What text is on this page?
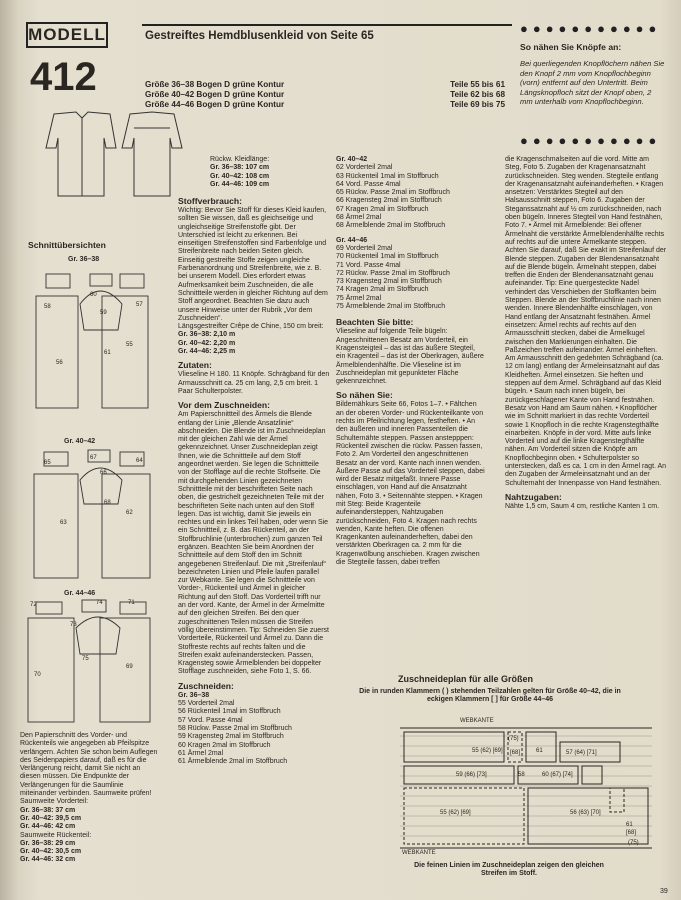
MODELL
412
Gestreiftes Hemdblusenkleid von Seite 65
Größe 36–38 Bogen D grüne Kontur	Teile 55 bis 61
Größe 40–42 Bogen D grüne Kontur	Teile 62 bis 68
Größe 44–46 Bogen D grüne Kontur	Teile 69 bis 75
Schnittübersichten
Gr. 36–38
58
60
57
59
61
56
55
Gr. 40–42
65
67	64
66
68
63
62
Gr. 44–46
72	74	71
73
75
70
69
Den Papierschnitt des Vorder- und Rückenteils wie angegeben ab Pfeilspitze verlängern. Achten Sie schon beim Auflegen des Seidenpapiers darauf, daß es für die Verlängerung reicht, damit Sie nicht an diesen müssen. Die Endpunkte der Verlängerungen für die Saumlinie miteinander verbinden. Saumweite prüfen!
Saumweite Vorderteil:
Gr. 36–38: 37 cm
Gr. 40–42: 39,5 cm
Gr. 44–46: 42 cm
Saumweite Rückenteil:
Gr. 36–38: 29 cm
Gr. 40–42: 30,5 cm
Gr. 44–46: 32 cm
Rückw. Kleidlänge:
Gr. 36–38: 107 cm
Gr. 40–42: 108 cm
Gr. 44–46: 109 cm
Stoffverbrauch:
Wichtig: Bevor Sie Stoff für dieses Kleid kaufen, sollten Sie wissen, daß es gleichseitige und ungleichseitige Streifenstoffe gibt. Der Unterschied ist leicht zu erkennen. Bei einseitigen Streifenstoffen sind Farbenfolge und Streifenbreite nach beiden Seiten gleich. Einseitig gestreifte Stoffe zeigen ungleiche Farbenanordnung und Streifenbreite, wie z. B. bei unserem Modell. Dies erfordert etwas Aufmerksamkeit beim Zuschneiden, die alle Schnittteile werden in gleicher Richtung auf dem Stoff angeordnet. Beachten Sie dazu auch unsere Hinweise unter der Rubrik „Vor dem Zuschneiden“.
Längsgestreifter Crêpe de Chine, 150 cm breit:
Gr. 36–38: 2,10 m
Gr. 40–42: 2,20 m
Gr. 44–46: 2,25 m
Zutaten:
Vlieseline H 180. 11 Knöpfe. Schrägband für den Armausschnitt ca. 25 cm lang, 2,5 cm breit. 1 Paar Schulterpolster.
Vor dem Zuschneiden:
Am Papierschnittteil des Ärmels die Blende entlang der Linie „Blende Ansatzlinie“ abschneiden. Die Blende ist im Zuschneideplan mit der gleichen Zahl wie der Ärmel gekennzeichnet. Unser Zuschneideplan zeigt Ihnen, wie die Schnittteile auf dem Stoff angeordnet werden. Sie legen die Schnittteile von der Stofflage auf die rechte Stoffseite. Die mit durchgehenden Linien gezeichneten Schnittteile mit der beschrifteten Seite nach oben, die gestrichelt gezeichneten Teile mit der beschrifteten Seite nach unten auf den Stoff legen. Das ist wichtig, damit Sie jeweils ein rechtes und ein linkes Teil haben, oder wenn Sie ein Schnittteil, z. B. das Rückenteil, an der Stoffbruchlinie (unterbrochen) zum ganzen Teil ergänzen. Beachten Sie beim Anordnen der Schnittteile auf dem Stoff den im Schnitt angegebenen Streifenlauf. Die mit „Streifenlauf“ bezeichneten Linien und Pfeile laufen parallel zur Webkante. Sie legen die Schnittteile von Vorder-, Rückenteil und Ärmel in gleicher Richtung auf den Stoff. Das Vorderteil trifft nur an der vord. Kante, der Ärmel in der Ärmelmitte auf den gleichen Streifen. Bei den quer zugeschnittenen Teilen müssen die Streifen völlig übereinstimmen. Tip: Schneiden Sie zuerst Vorderteile, Rückenteil und Ärmel zu. Dann die Stoffreste rechts auf rechts falten und die Streifen exakt aufeinanderstecken. Passen, Kragensteg sowie Ärmelblenden bei doppelter Stofflage zuschneiden, siehe Foto 1, S. 66.
Zuschneiden:
Gr. 36–38
55 Vorderteil 2mal
56 Rückenteil 1mal im Stoffbruch
57 Vord. Passe 4mal
58 Rückw. Passe 2mal im Stoffbruch
59 Kragensteg 2mal im Stoffbruch
60 Kragen 2mal im Stoffbruch
61 Ärmel 2mal
61 Ärmelblende 2mal im Stoffbruch
Gr. 40–42
62 Vorderteil 2mal
63 Rückenteil 1mal im Stoffbruch
64 Vord. Passe 4mal
65 Rückw. Passe 2mal im Stoffbruch
66 Kragensteg 2mal im Stoffbruch
67 Kragen 2mal im Stoffbruch
68 Ärmel 2mal
68 Ärmelblende 2mal im Stoffbruch
Gr. 44–46
69 Vorderteil 2mal
70 Rückenteil 1mal im Stoffbruch
71 Vord. Passe 4mal
72 Rückw. Passe 2mal im Stoffbruch
73 Kragensteg 2mal im Stoffbruch
74 Kragen 2mal im Stoffbruch
75 Ärmel 2mal
75 Ärmelblende 2mal im Stoffbruch
Beachten Sie bitte:
Vlieseline auf folgende Teile bügeln: Angeschnittenen Besatz am Vorderteil, ein Kragensteigteil – das ist das äußere Stegteil, ein Kragenteil – das ist der Oberkragen, äußere Ärmelblendenhälfte. Die Vlieseline ist im Zuschneideplan mit gepunkteter Fläche gekennzeichnet.
So nähen Sie:
Bildernähkurs Seite 66, Fotos 1–7. • Fältchen an der oberen Vorder- und Rückenteilkante von rechts im Pfeilrichtung legen, festheften. • An den äußeren und inneren Passenteilen die Schulternähte steppen. Passen anstepppen: Rückenteil zwischen die rückw. Passen fassen, Foto 2. Am Vorderteil den angeschnittenen Besatz an der vord. Kante nach innen wenden. Äußere Passe auf das Vorderteil steppen, dabei wird der Besatz mitgefaßt. Innere Passe einschlagen, von Hand auf die Ansatznaht nähen, Foto 3. • Seitennähte steppen. • Kragen mit Steg: Beide Kragenteile aufeinandersteppen, Nahtzugaben zurückschneiden, Foto 4. Kragen nach rechts wenden, Kante heften. Die offenen Kragenkanten aufeinanderheften, dabei den verstärkten Oberkragen ca. 2 mm für die Kragenwölbung anschieben. Kragen zwischen die Stegteile fassen, dabei treffen
●●●●●●●●●●●
So nähen Sie Knöpfe an:
Bei querliegenden Knopflöchern nähen Sie den Knopf 2 mm vom Knopflochbeginn (vorn) entfernt auf den Untertritt. Beim Längsknopfloch sitzt der Knopf oben, 2 mm unterhalb vom Knopflochbeginn.
●●●●●●●●●●●
die Kragenschmalseiten auf die vord. Mitte am Steg, Foto 5. Zugaben der Kragenansatznaht zurückschneiden. Steg wenden. Stegteile entlang der Kragenansatznaht aufeinanderheften. • Kragen ansetzen: Verstärktes Stegteil auf den Halsausschnitt steppen, Foto 6. Zugaben der Steganssatznaht auf ½ cm zurückschneiden, nach oben bügeln. Inneres Stegteil von Hand festnähen, Foto 7. • Ärmel mit Ärmelblende: Bei offener Ärmelnaht die verstärkte Ärmelblendenhälfte rechts auf rechts auf die untere Ärmelkante steppen. Achten Sie darauf, daß Sie exakt im Streifenlauf der Blende steppen. Zugaben der Blendenansatznaht auf die Blende bügeln. Ärmelnaht steppen, dabei treffen die Enden der Blendenansatznaht genau aufeinander. Tip: Eine quergesteckte Nadel verhindert das Verschieben der Stoffkanten beim Steppen. Blende an der Stoffbruchlinie nach innen wenden. Innere Blendenhälfte einschlagen, von Hand entlang der Ansatznaht festnähen. Ärmel einsetzen: Ärmel rechts auf rechts auf den Armausschnitt stecken, dabei die Ärmelkugel zwischen den Markierungen einhalten. Die Paßzeichen treffen aufeinander. Ärmel einheften. Am Armausschnitt den gedehnten Schrägband (ca. 12 cm lang) entlang der Ärmeleinsatznaht auf das Kleidheften. Ärmel einsetzen. Sie heften und steppen auf dem Ärmel. Schrägband auf das Kleid bügeln. • Saum nach innen bügeln, bei zurückgeschlagener Kante von Hand festnähen. Besatz von Hand am Saum nähen. • Knopflöcher wie im Schnitt markiert in das rechte Vorderteil sowie 1 Knopfloch in die rechte Kragenstegthälfte einarbeiten. Knöpfe in der vord. Mitte aufs linke Vorderteil und auf die linke Kragenstegthälfte nähen. Am Vorderteil sitzen die Knöpfe am Knopflochbeginn oben. • Schulterpolster so unterstecken, daß es ca. 1 cm in den Ärmel ragt. An den Zugaben der Ärmeleinsatznaht und an der Schulternaht der Innenpasse von Hand festnähen.
Nahtzugaben:
Nähte 1,5 cm, Saum 4 cm, restliche Kanten 1 cm.
Zuschneideplan für alle Größen
Die in runden Klammern ( ) stehenden Teilzahlen gelten für Größe 40–42, die in eckigen Klammern [ ] für Größe 44–46
WEBKANTE
WEBKANTE
55 (62) [69]
(75)
[68]	61	57 (64) [71]
59 (66) [73]	58	60 (67) [74]
55 (62) [69]	56 (63) [70]
61
[68]
(75)
Die feinen Linien im Zuschneideplan zeigen den gleichen Streifen im Stoff.
39
